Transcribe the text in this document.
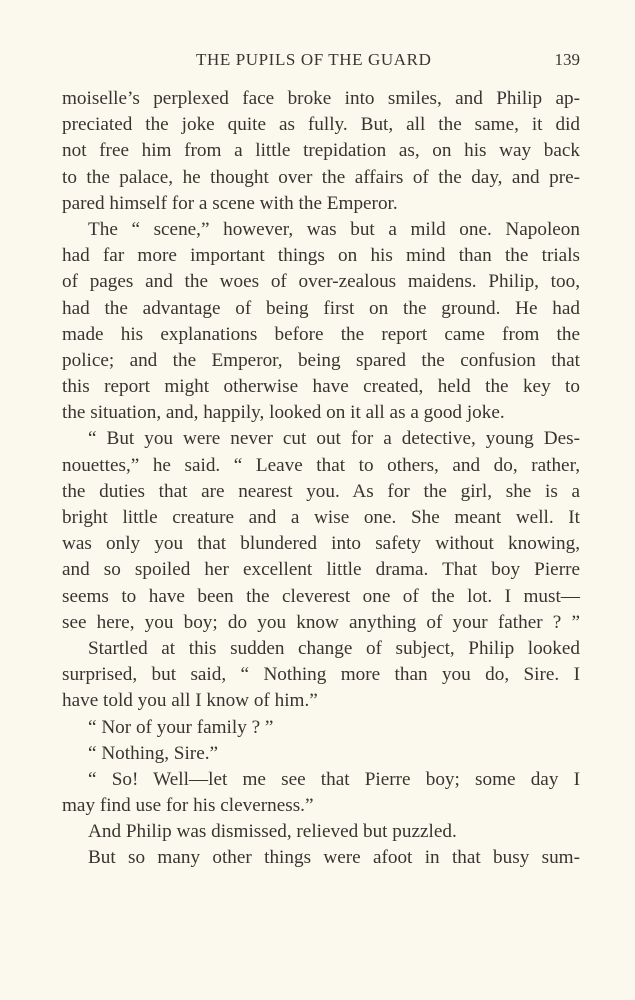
THE PUPILS OF THE GUARD	139
moiselle’s perplexed face broke into smiles, and Philip ap-
preciated the joke quite as fully. But, all the same, it did
not free him from a little trepidation as, on his way back
to the palace, he thought over the affairs of the day, and pre-
pared himself for a scene with the Emperor.
The “ scene,” however, was but a mild one. Napoleon
had far more important things on his mind than the trials
of pages and the woes of over-zealous maidens. Philip, too,
had the advantage of being first on the ground. He had
made his explanations before the report came from the
police; and the Emperor, being spared the confusion that
this report might otherwise have created, held the key to
the situation, and, happily, looked on it all as a good joke.
“ But you were never cut out for a detective, young Des-
nouettes,” he said. “ Leave that to others, and do, rather,
the duties that are nearest you. As for the girl, she is a
bright little creature and a wise one. She meant well. It
was only you that blundered into safety without knowing,
and so spoiled her excellent little drama. That boy Pierre
seems to have been the cleverest one of the lot. I must—
see here, you boy; do you know anything of your father ? ”
Startled at this sudden change of subject, Philip looked
surprised, but said, “ Nothing more than you do, Sire. I
have told you all I know of him.”
“ Nor of your family ? ”
“ Nothing, Sire.”
“ So! Well—let me see that Pierre boy; some day I
may find use for his cleverness.”
And Philip was dismissed, relieved but puzzled.
But so many other things were afoot in that busy sum-
